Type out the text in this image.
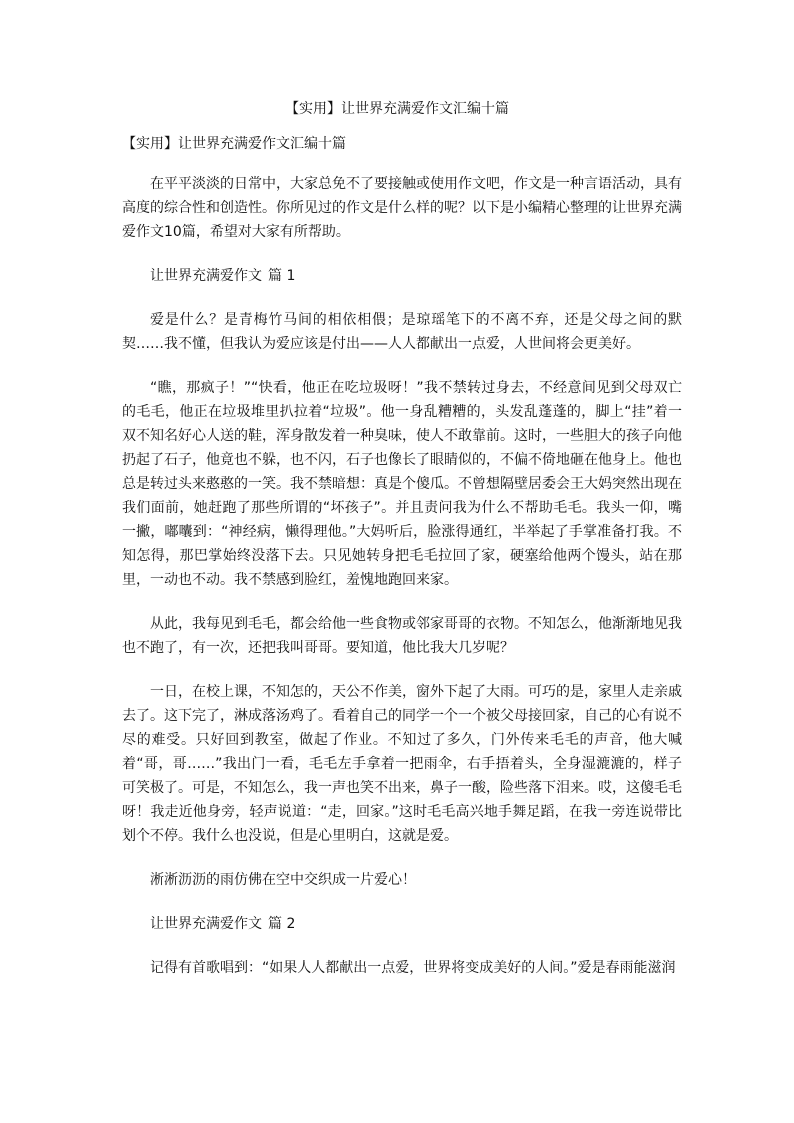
【实用】让世界充满爱作文汇编十篇
【实用】让世界充满爱作文汇编十篇

在平平淡淡的日常中，大家总免不了要接触或使用作文吧，作文是一种言语活动，具有高度的综合性和创造性。你所见过的作文是什么样的呢？以下是小编精心整理的让世界充满爱作文10篇，希望对大家有所帮助。

让世界充满爱作文 篇 1

爱是什么？是青梅竹马间的相依相偎；是琼瑶笔下的不离不弃，还是父母之间的默契……我不懂，但我认为爱应该是付出——人人都献出一点爱，人世间将会更美好。

“瞧，那疯子！”“快看，他正在吃垃圾呀！”我不禁转过身去，不经意间见到父母双亡的毛毛，他正在垃圾堆里扒拉着“垃圾”。他一身乱糟糟的，头发乱蓬蓬的，脚上“挂”着一双不知名好心人送的鞋，浑身散发着一种臭味，使人不敢靠前。这时，一些胆大的孩子向他扔起了石子，他竟也不躲，也不闪，石子也像长了眼睛似的，不偏不倚地砸在他身上。他也总是转过头来憨憨的一笑。我不禁暗想：真是个傻瓜。不曾想隔壁居委会王大妈突然出现在我们面前，她赶跑了那些所谓的“坏孩子”。并且责问我为什么不帮助毛毛。我头一仰，嘴一撇，嘟囔到：“神经病，懒得理他。”大妈听后，脸涨得通红，半举起了手掌准备打我。不知怎得，那巴掌始终没落下去。只见她转身把毛毛拉回了家，硬塞给他两个馒头，站在那里，一动也不动。我不禁感到脸红，羞愧地跑回来家。

从此，我每见到毛毛，都会给他一些食物或邻家哥哥的衣物。不知怎么，他渐渐地见我也不跑了，有一次，还把我叫哥哥。要知道，他比我大几岁呢？

一日，在校上课，不知怎的，天公不作美，窗外下起了大雨。可巧的是，家里人走亲戚去了。这下完了，淋成落汤鸡了。看着自己的同学一个一个被父母接回家，自己的心有说不尽的难受。只好回到教室，做起了作业。不知过了多久，门外传来毛毛的声音，他大喊着“哥，哥……”我出门一看，毛毛左手拿着一把雨伞，右手捂着头，全身湿漉漉的，样子可笑极了。可是，不知怎么，我一声也笑不出来，鼻子一酸，险些落下泪来。哎，这傻毛毛呀！我走近他身旁，轻声说道：“走，回家。”这时毛毛高兴地手舞足蹈，在我一旁连说带比划个不停。我什么也没说，但是心里明白，这就是爱。

淅淅沥沥的雨仿佛在空中交织成一片爱心！

让世界充满爱作文 篇 2

记得有首歌唱到：“如果人人都献出一点爱，世界将变成美好的人间。”爱是春雨能滋润
